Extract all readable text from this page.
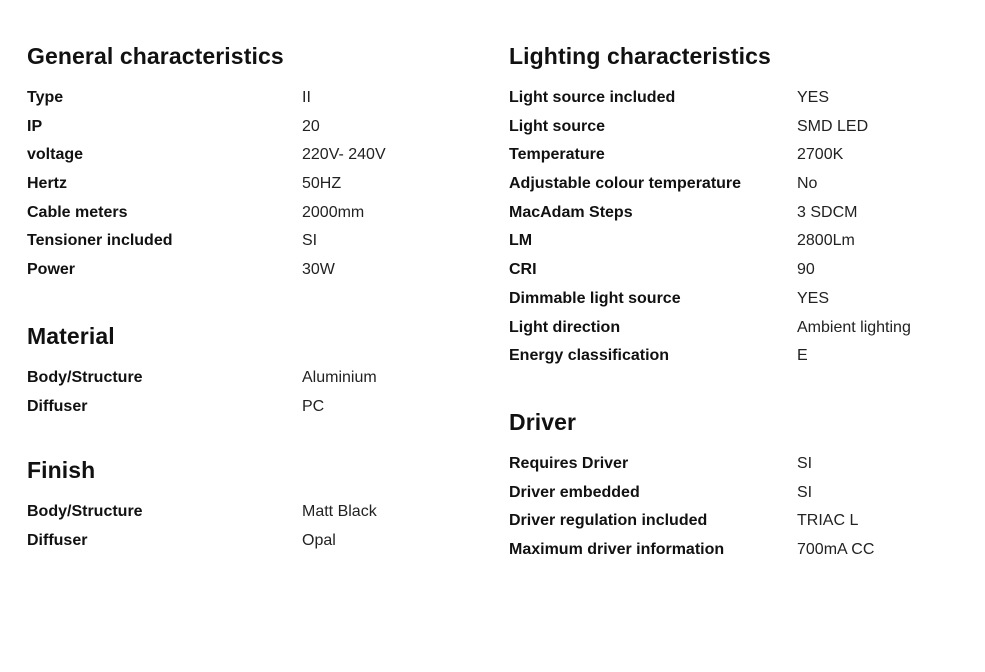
General characteristics
Type	II
IP	20
voltage	220V- 240V
Hertz	50HZ
Cable meters	2000mm
Tensioner included	SI
Power	30W
Material
Body/Structure	Aluminium
Diffuser	PC
Finish
Body/Structure	Matt Black
Diffuser	Opal
Lighting characteristics
Light source included	YES
Light source	SMD LED
Temperature	2700K
Adjustable colour temperature	No
MacAdam Steps	3 SDCM
LM	2800Lm
CRI	90
Dimmable light source	YES
Light direction	Ambient lighting
Energy classification	E
Driver
Requires Driver	SI
Driver embedded	SI
Driver regulation included	TRIAC L
Maximum driver information	700mA CC
